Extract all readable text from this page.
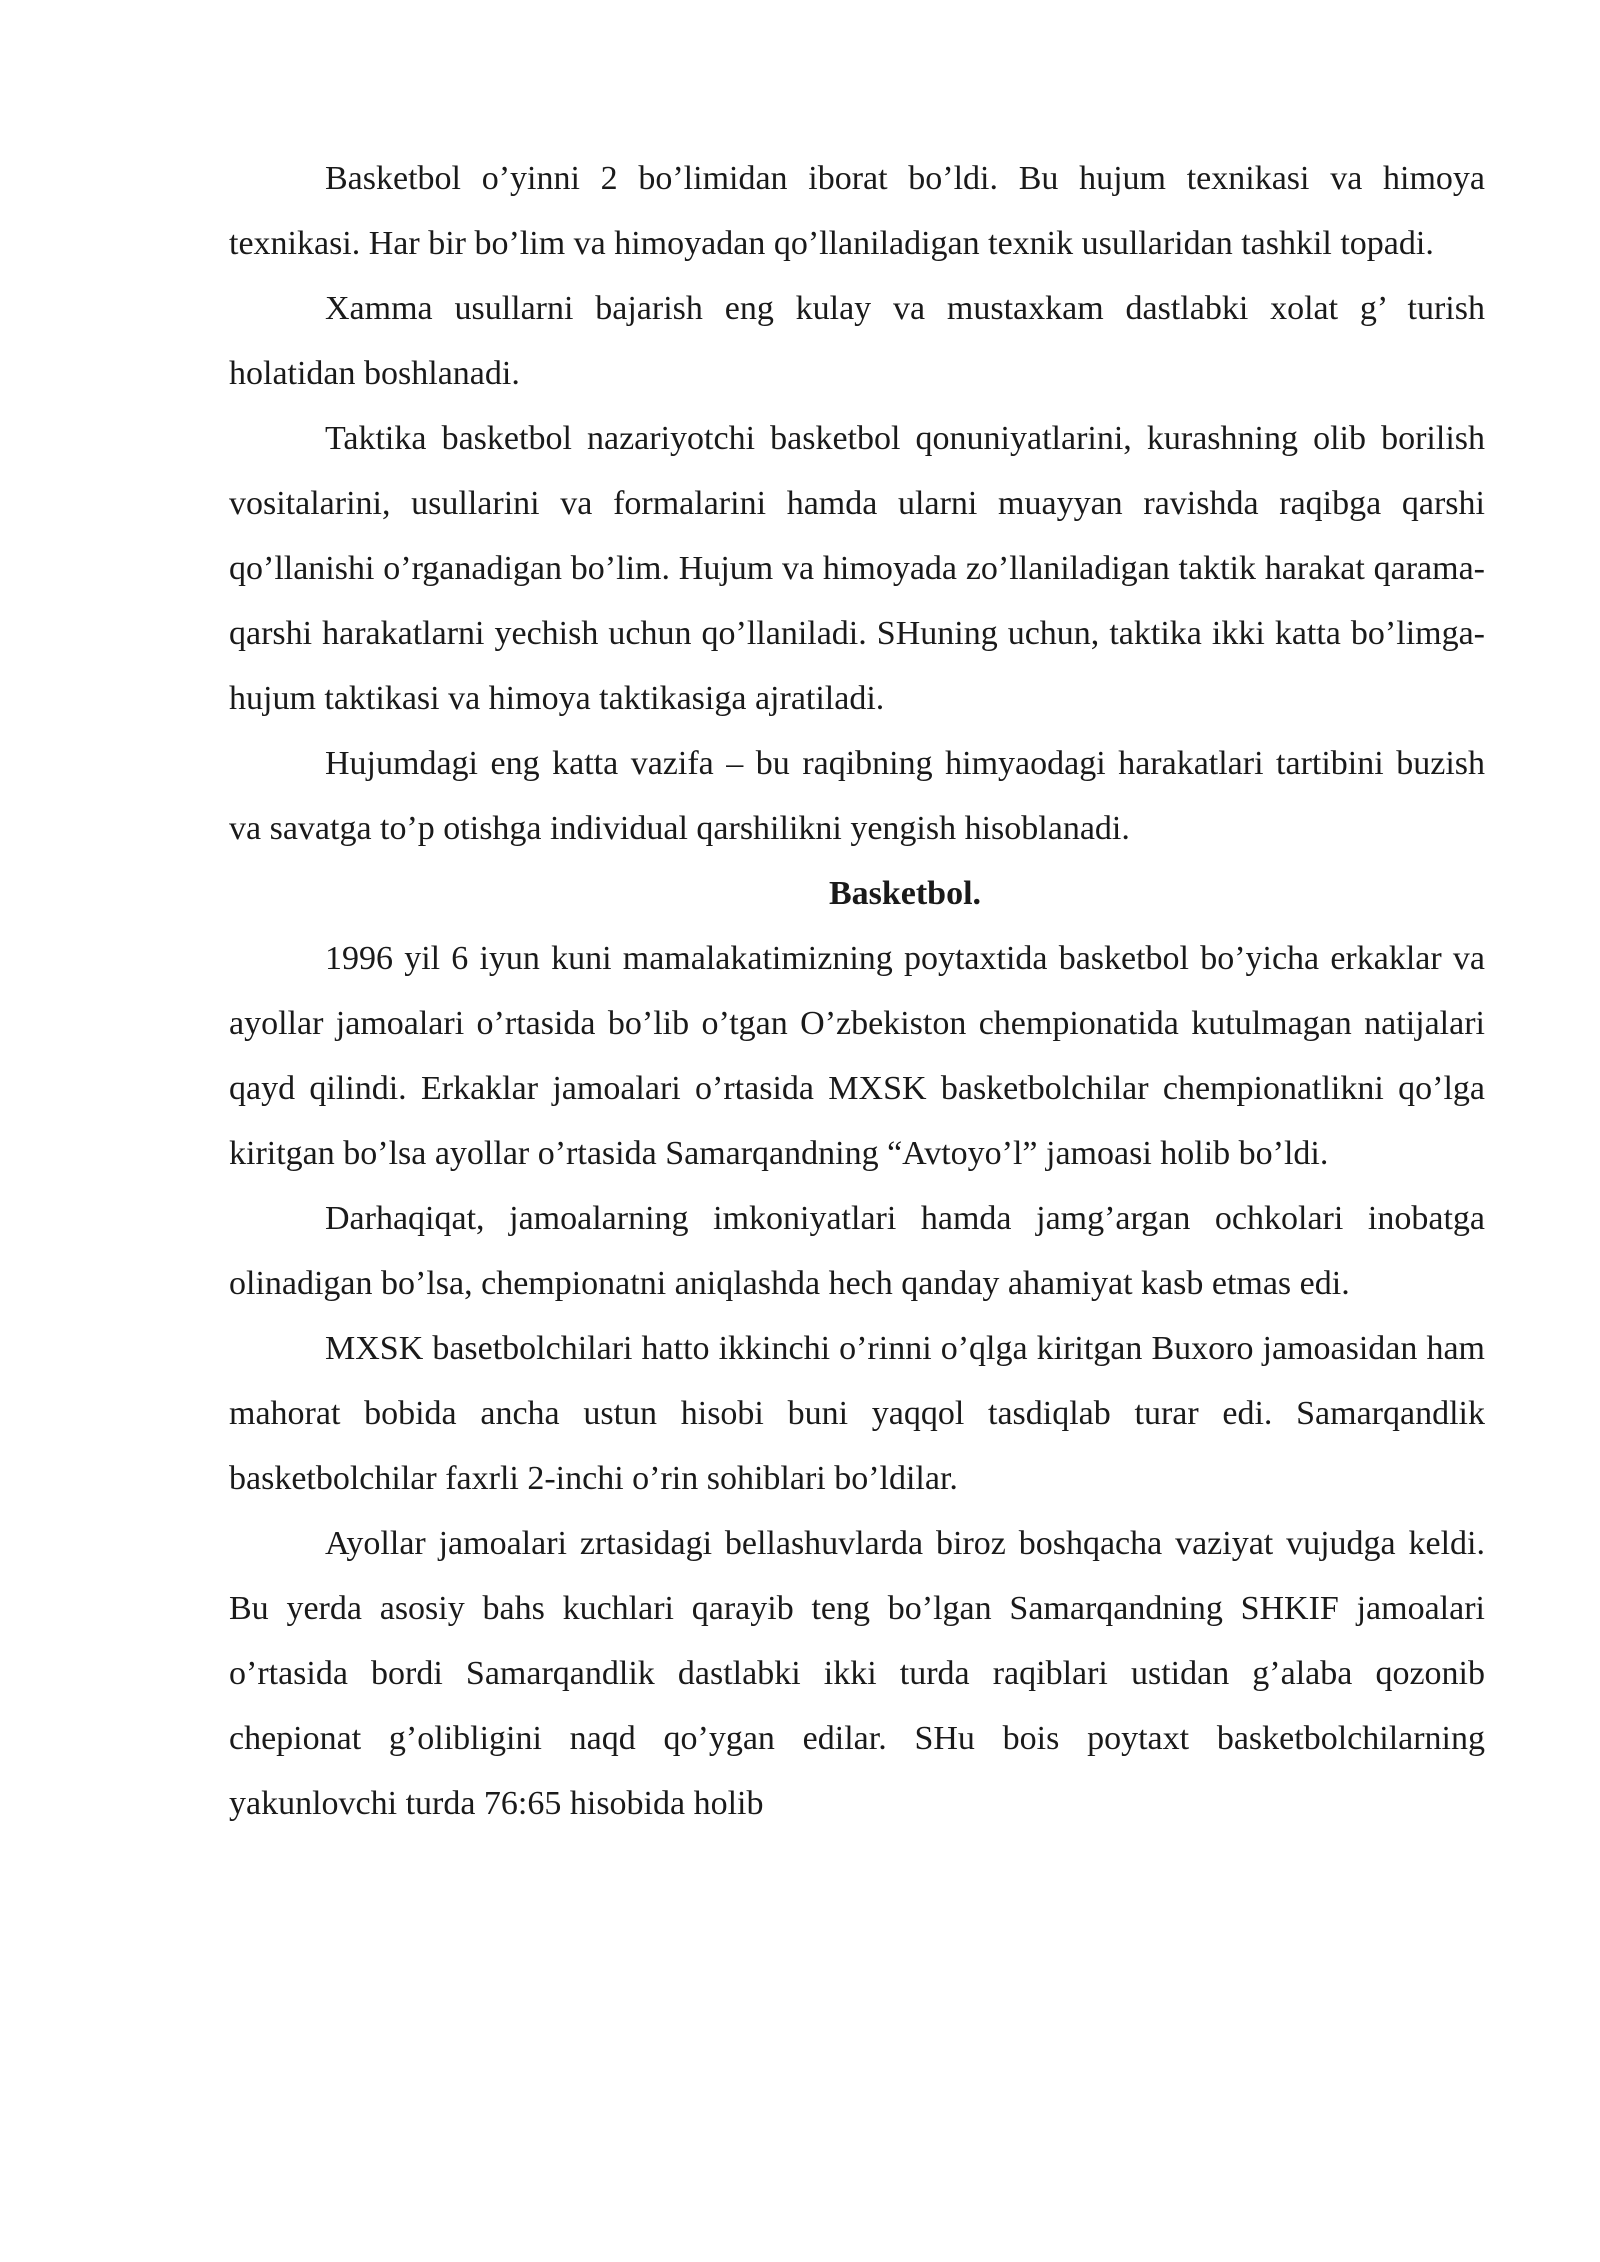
Basketbol o’yinni 2 bo’limidan iborat bo’ldi. Bu hujum texnikasi va himoya texnikasi. Har bir bo’lim va himoyadan qo’llaniladigan texnik usullaridan tashkil topadi.

Xamma usullarni bajarish eng kulay va mustaxkam dastlabki xolat g’ turish holatidan boshlanadi.

Taktika basketbol nazariyotchi basketbol qonuniyatlarini, kurashning olib borilish vositalarini, usullarini va formalarini hamda ularni muayyan ravishda raqibga qarshi qo’llanishi o’rganadigan bo’lim. Hujum va himoyada zo’llaniladigan taktik harakat qarama-qarshi harakatlarni yechish uchun qo’llaniladi. SHuning uchun, taktika ikki katta bo’limga-hujum taktikasi va himoya taktikasiga ajratiladi.

Hujumdagi eng katta vazifa – bu raqibning himyaodagi harakatlari tartibini buzish va savatga to’p otishga individual qarshilikni yengish hisoblanadi.

Basketbol.

1996 yil 6 iyun kuni mamalakatimizning poytaxtida basketbol bo’yicha erkaklar va ayollar jamoalari o’rtasida bo’lib o’tgan O’zbekiston chempionatida kutulmagan natijalari qayd qilindi. Erkaklar jamoalari o’rtasida MXSK basketbolchilar chempionatlikni qo’lga kiritgan bo’lsa ayollar o’rtasida Samarqandning “Avtoyo’l” jamoasi holib bo’ldi.

Darhaqiqat, jamoalarning imkoniyatlari hamda jamg’argan ochkolari inobatga olinadigan bo’lsa, chempionatni aniqlashda hech qanday ahamiyat kasb etmas edi.

MXSK basetbolchilari hatto ikkinchi o’rinni o’qlga kiritgan Buxoro jamoasidan ham mahorat bobida ancha ustun hisobi buni yaqqol tasdiqlab turar edi. Samarqandlik basketbolchilar faxrli 2-inchi o’rin sohiblari bo’ldilar.

Ayollar jamoalari zrtasidagi bellashuvlarda biroz boshqacha vaziyat vujudga keldi. Bu yerda asosiy bahs kuchlari qarayib teng bo’lgan Samarqandning SHKIF jamoalari o’rtasida bordi Samarqandlik dastlabki ikki turda raqiblari ustidan g’alaba qozonib chepionat g’olibligini naqd qo’ygan edilar. SHu bois poytaxt basketbolchilarning yakunlovchi turda 76:65 hisobida holib
